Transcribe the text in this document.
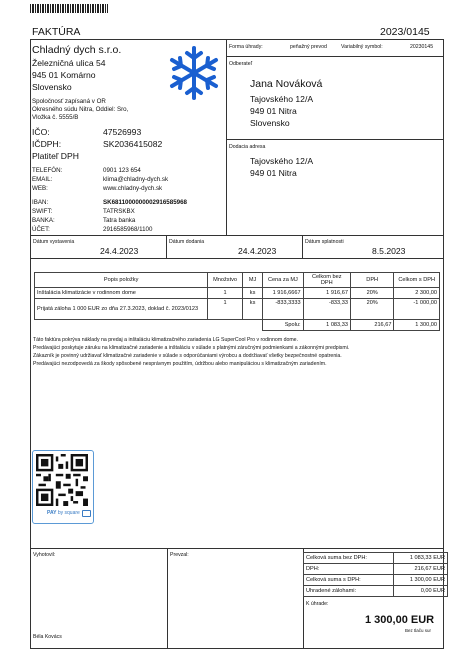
FAKTÚRA	2023/0145
Chladný dych s.r.o.
Železničná ulica 54
945 01 Komárno
Slovensko
Spoločnosť zapísaná v OR
Okresného súdu Nitra, Oddiel: Sro,
Vložka č. 5555/B
IČO:	47526993
IČDPH:	SK2036415082
Platiteľ DPH
TELEFÓN:	0901 123 654
EMAIL:	klima@chladny-dych.sk
WEB:	www.chladny-dych.sk
IBAN:	SK6811000000002916585968
SWIFT:	TATRSKBX
BANKA:	Tatra banka
ÚČET:	2916585968/1100
Forma úhrady:	peňažný prevod	Variabilný symbol:	20230145
Odberateľ
Jana Nováková
Tajovského 12/A
949 01 Nitra
Slovensko
Dodacia adresa
Tajovského 12/A
949 01 Nitra
Dátum vystavenia
24.4.2023
Dátum dodania
24.4.2023
Dátum splatnosti
8.5.2023
Popis položky	Množstvo	MJ	Cena za MJ	Celkom bez DPH	DPH	Celkom s DPH
Inštalácia klimatizácie v rodinnom dome	1	ks	1 916,6667	1 916,67	20%	2 300,00
Prijatá záloha 1 000 EUR zo dňa 27.3.2023, doklad č. 2023/0123	1	ks	-833,3333	-833,33	20%	-1 000,00
			Spolu:	1 083,33	216,67	1 300,00
Táto faktúra pokrýva náklady na predaj a inštaláciu klimatizačného zariadenia LG SuperCool Pro v rodinnom dome.
Predávajúci poskytuje záruku na klimatizačné zariadenie a inštaláciu v súlade s platnými záručnými podmienkami a zákonnými predpismi.
Zákazník je povinný udržiavať klimatizačné zariadenie v súlade s odporúčaniami výrobcu a dodržiavať všetky bezpečnostné opatrenia.
Predávajúci nezodpovedá za škody spôsobené nesprávnym použitím, údržbou alebo manipuláciou s klimatizačným zariadením.
PAY by square
Vyhotovil:
Béla Kovács
Prevzal:	Celková suma bez DPH:	1 083,33 EUR
DPH:	216,67 EUR
Celková suma s DPH:	1 300,00 EUR
Uhradené zálohami:	0,00 EUR
K úhrade:
1 300,00 EUR
Bez tlaču sur
